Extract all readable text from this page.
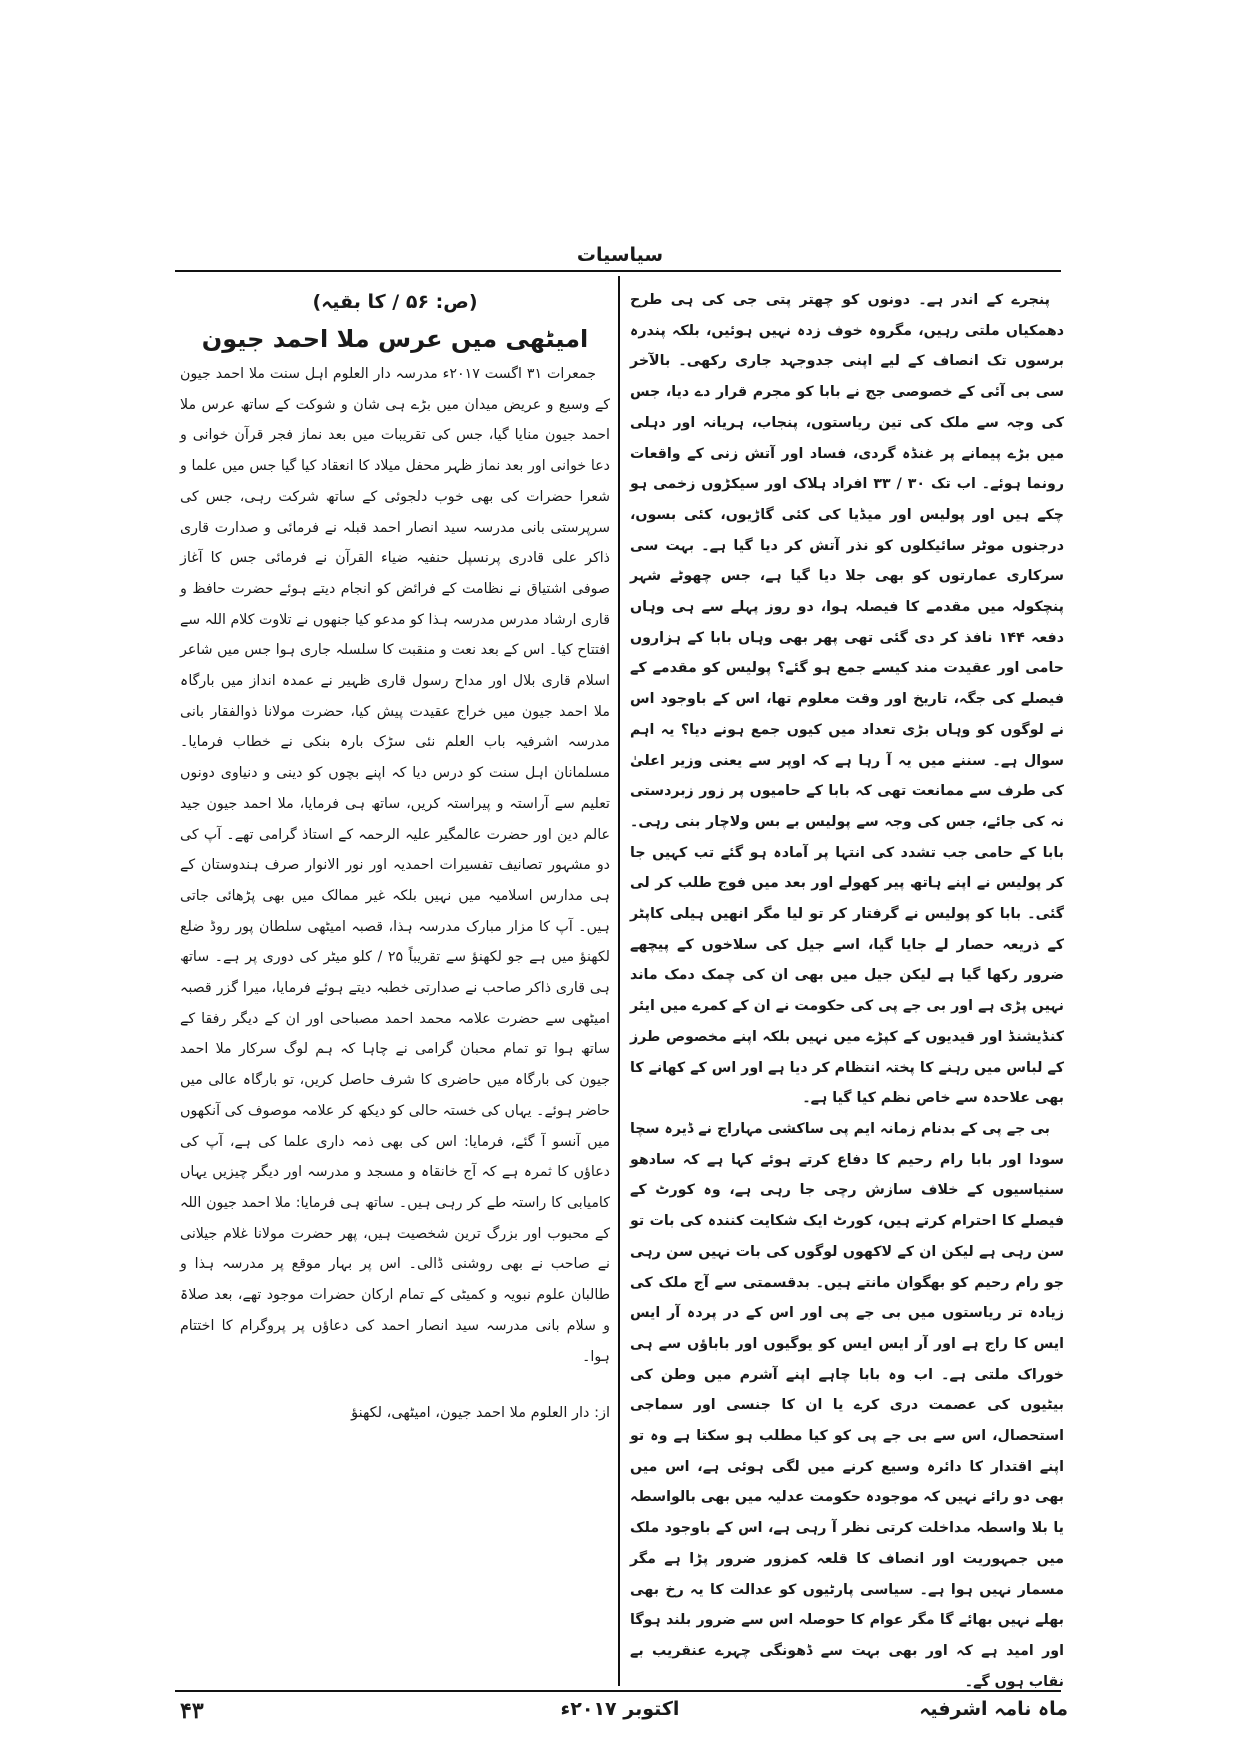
سیاسیات

پنجرے کے اندر ہے۔ دونوں کو چھتر پتی جی کی ہی طرح دھمکیاں ملتی رہیں، مگروہ خوف زدہ نہیں ہوئیں، بلکہ پندرہ برسوں تک انصاف کے لیے اپنی جدوجہد جاری رکھی۔ بالآخر سی بی آئی کے خصوصی جج نے بابا کو مجرم قرار دے دیا، جس کی وجہ سے ملک کی تین ریاستوں، پنجاب، ہریانہ اور دہلی میں بڑے پیمانے پر غنڈہ گردی، فساد اور آتش زنی کے واقعات رونما ہوئے۔ اب تک ۳۰ / ۳۳ افراد ہلاک اور سیکڑوں زخمی ہو چکے ہیں اور پولیس اور میڈیا کی کئی گاڑیوں، کئی بسوں، درجنوں موٹر سائیکلوں کو نذر آتش کر دیا گیا ہے۔ بہت سی سرکاری عمارتوں کو بھی جلا دیا گیا ہے، جس چھوٹے شہر پنچکولہ میں مقدمے کا فیصلہ ہوا، دو روز پہلے سے ہی وہاں دفعہ ۱۴۴ نافذ کر دی گئی تھی پھر بھی وہاں بابا کے ہزاروں حامی اور عقیدت مند کیسے جمع ہو گئے؟ پولیس کو مقدمے کے فیصلے کی جگہ، تاریخ اور وقت معلوم تھا، اس کے باوجود اس نے لوگوں کو وہاں بڑی تعداد میں کیوں جمع ہونے دیا؟ یہ اہم سوال ہے۔ سننے میں یہ آ رہا ہے کہ اوپر سے یعنی وزیر اعلیٰ کی طرف سے ممانعت تھی کہ بابا کے حامیوں پر زور زبردستی نہ کی جائے، جس کی وجہ سے پولیس بے بس ولاچار بنی رہی۔ بابا کے حامی جب تشدد کی انتہا پر آمادہ ہو گئے تب کہیں جا کر پولیس نے اپنے ہاتھ پیر کھولے اور بعد میں فوج طلب کر لی گئی۔ بابا کو پولیس نے گرفتار کر تو لیا مگر انھیں ہیلی کاپٹر کے ذریعہ حصار لے جایا گیا، اسے جیل کی سلاخوں کے پیچھے ضرور رکھا گیا ہے لیکن جیل میں بھی ان کی چمک دمک ماند نہیں پڑی ہے اور بی جے پی کی حکومت نے ان کے کمرے میں ایئر کنڈیشنڈ اور قیدیوں کے کپڑے میں نہیں بلکہ اپنے مخصوص طرز کے لباس میں رہنے کا پختہ انتظام کر دیا ہے اور اس کے کھانے کا بھی علاحدہ سے خاص نظم کیا گیا ہے۔

بی جے پی کے بدنام زمانہ ایم پی ساکشی مہاراج نے ڈیرہ سچا سودا اور بابا رام رحیم کا دفاع کرتے ہوئے کہا ہے کہ سادھو سنیاسیوں کے خلاف سازش رچی جا رہی ہے، وہ کورٹ کے فیصلے کا احترام کرتے ہیں، کورٹ ایک شکایت کنندہ کی بات تو سن رہی ہے لیکن ان کے لاکھوں لوگوں کی بات نہیں سن رہی جو رام رحیم کو بھگوان مانتے ہیں۔ بدقسمتی سے آج ملک کی زیادہ تر ریاستوں میں بی جے پی اور اس کے در پردہ آر ایس ایس کا راج ہے اور آر ایس ایس کو یوگیوں اور باباؤں سے ہی خوراک ملتی ہے۔ اب وہ بابا چاہے اپنے آشرم میں وطن کی بیٹیوں کی عصمت دری کرے یا ان کا جنسی اور سماجی استحصال، اس سے بی جے پی کو کیا مطلب ہو سکتا ہے وہ تو اپنے اقتدار کا دائرہ وسیع کرنے میں لگی ہوئی ہے، اس میں بھی دو رائے نہیں کہ موجودہ حکومت عدلیہ میں بھی بالواسطہ یا بلا واسطہ مداخلت کرتی نظر آ رہی ہے، اس کے باوجود ملک میں جمہوریت اور انصاف کا قلعہ کمزور ضرور پڑا ہے مگر مسمار نہیں ہوا ہے۔ سیاسی پارٹیوں کو عدالت کا یہ رخ بھی بھلے نہیں بھائے گا مگر عوام کا حوصلہ اس سے ضرور بلند ہوگا اور امید ہے کہ اور بھی بہت سے ڈھونگی چہرے عنقریب بے نقاب ہوں گے۔

(ص: ۵۶ / کا بقیہ)

امیٹھی میں عرس ملا احمد جیون

جمعرات ۳۱ اگست ۲۰۱۷ء مدرسہ دار العلوم اہل سنت ملا احمد جیون کے وسیع و عریض میدان میں بڑے ہی شان و شوکت کے ساتھ عرس ملا احمد جیون منایا گیا، جس کی تقریبات میں بعد نماز فجر قرآن خوانی و دعا خوانی اور بعد نماز ظہر محفل میلاد کا انعقاد کیا گیا جس میں علما و شعرا حضرات کی بھی خوب دلجوئی کے ساتھ شرکت رہی، جس کی سرپرستی بانی مدرسہ سید انصار احمد قبلہ نے فرمائی و صدارت قاری ذاکر علی قادری پرنسپل حنفیہ ضیاء القرآن نے فرمائی جس کا آغاز صوفی اشتیاق نے نظامت کے فرائض کو انجام دیتے ہوئے حضرت حافظ و قاری ارشاد مدرس مدرسہ ہذا کو مدعو کیا جنھوں نے تلاوت کلام اللہ سے افتتاح کیا۔ اس کے بعد نعت و منقبت کا سلسلہ جاری ہوا جس میں شاعر اسلام قاری بلال اور مداح رسول قاری ظہیر نے عمدہ انداز میں بارگاہ ملا احمد جیون میں خراج عقیدت پیش کیا، حضرت مولانا ذوالفقار بانی مدرسہ اشرفیہ باب العلم نئی سڑک بارہ بنکی نے خطاب فرمایا۔ مسلمانان اہل سنت کو درس دیا کہ اپنے بچوں کو دینی و دنیاوی دونوں تعلیم سے آراستہ و پیراستہ کریں، ساتھ ہی فرمایا، ملا احمد جیون جید عالم دین اور حضرت عالمگیر علیہ الرحمہ کے استاذ گرامی تھے۔ آپ کی دو مشہور تصانیف تفسیرات احمدیہ اور نور الانوار صرف ہندوستان کے ہی مدارس اسلامیہ میں نہیں بلکہ غیر ممالک میں بھی پڑھائی جاتی ہیں۔ آپ کا مزار مبارک مدرسہ ہذا، قصبہ امیٹھی سلطان پور روڈ ضلع لکھنؤ میں ہے جو لکھنؤ سے تقریباً ۲۵ / کلو میٹر کی دوری پر ہے۔ ساتھ ہی قاری ذاکر صاحب نے صدارتی خطبہ دیتے ہوئے فرمایا، میرا گزر قصبہ امیٹھی سے حضرت علامہ محمد احمد مصباحی اور ان کے دیگر رفقا کے ساتھ ہوا تو تمام محبان گرامی نے چاہا کہ ہم لوگ سرکار ملا احمد جیون کی بارگاہ میں حاضری کا شرف حاصل کریں، تو بارگاہ عالی میں حاضر ہوئے۔ یہاں کی خستہ حالی کو دیکھ کر علامہ موصوف کی آنکھوں میں آنسو آ گئے، فرمایا: اس کی بھی ذمہ داری علما کی ہے، آپ کی دعاؤں کا ثمرہ ہے کہ آج خانقاہ و مسجد و مدرسہ اور دیگر چیزیں یہاں کامیابی کا راستہ طے کر رہی ہیں۔ ساتھ ہی فرمایا: ملا احمد جیون اللہ کے محبوب اور بزرگ ترین شخصیت ہیں، پھر حضرت مولانا غلام جیلانی نے صاحب نے بھی روشنی ڈالی۔ اس پر بہار موقع پر مدرسہ ہذا و طالبان علوم نبویہ و کمیٹی کے تمام ارکان حضرات موجود تھے، بعد صلاۃ و سلام بانی مدرسہ سید انصار احمد کی دعاؤں پر پروگرام کا اختتام ہوا۔

از: دار العلوم ملا احمد جیون، امیٹھی، لکھنؤ

ماہ نامہ اشرفیہ
اکتوبر ۲۰۱۷ء
۴۳
